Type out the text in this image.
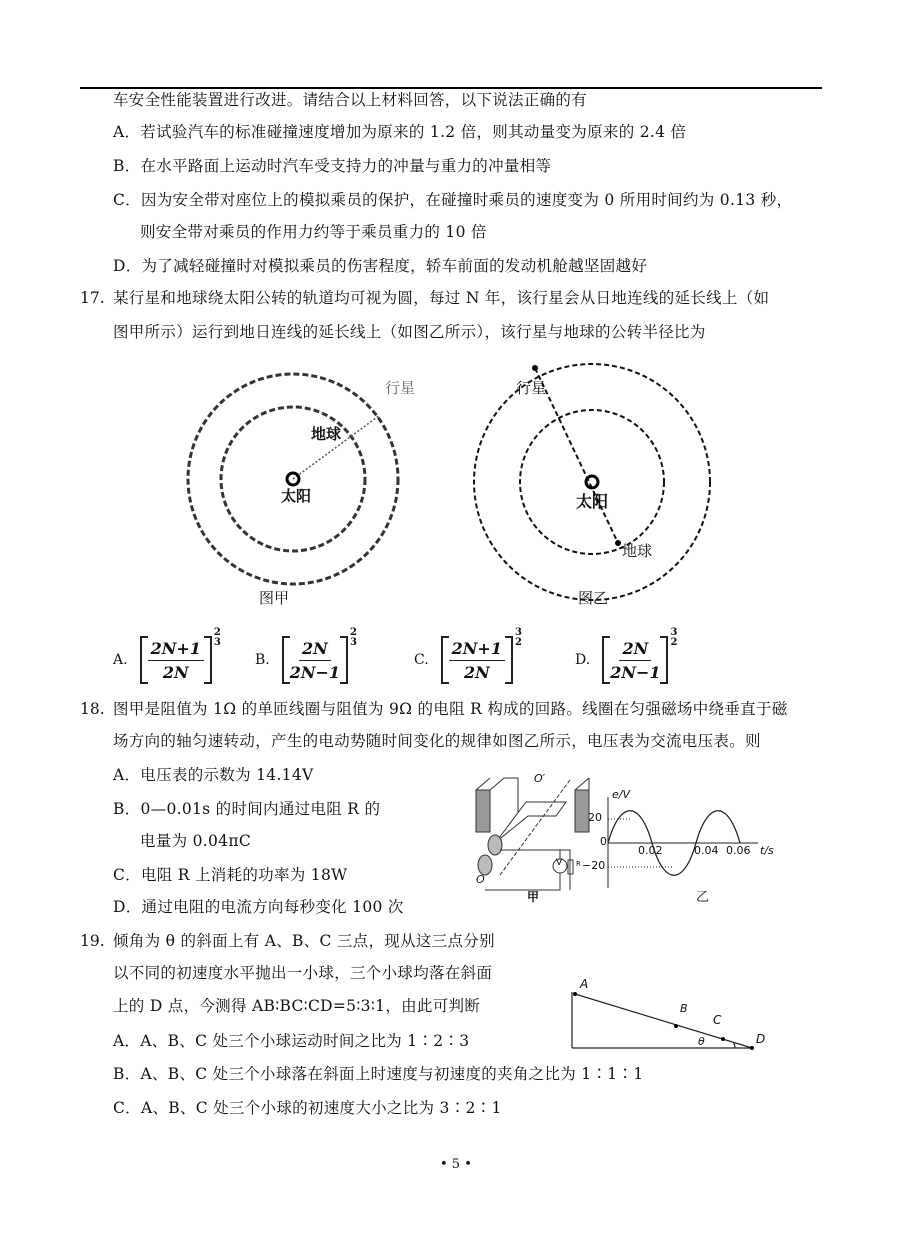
车安全性能装置进行改进。请结合以上材料回答，以下说法正确的有
A．若试验汽车的标准碰撞速度增加为原来的 1.2 倍，则其动量变为原来的 2.4 倍
B．在水平路面上运动时汽车受支持力的冲量与重力的冲量相等
C．因为安全带对座位上的模拟乘员的保护，在碰撞时乘员的速度变为 0 所用时间约为 0.13 秒，
则安全带对乘员的作用力约等于乘员重力的 10 倍
D．为了减轻碰撞时对模拟乘员的伤害程度，轿车前面的发动机舱越坚固越好
17. 某行星和地球绕太阳公转的轨道均可视为圆，每过 N 年，该行星会从日地连线的延长线上（如
图甲所示）运行到地日连线的延长线上（如图乙所示），该行星与地球的公转半径比为
地球
行星
太阳
图甲
行星
太阳
地球
图乙
A. $\frac{2N+1}{2N}$
2
3
B. $\frac{2N}{2N-1}$
2
3
C. $\frac{2N+1}{2N}$
3
2
D. $\frac{2N}{2N-1}$
3
2
18. 图甲是阻值为 1Ω 的单匝线圈与阻值为 9Ω 的电阻 R 构成的回路。线圈在匀强磁场中绕垂直于磁
场方向的轴匀速转动，产生的电动势随时间变化的规律如图乙所示，电压表为交流电压表。则
A．电压表的示数为 14.14V
B．0—0.01s 的时间内通过电阻 R 的
电量为 0.04πC
C．电阻 R 上消耗的功率为 18W
D．通过电阻的电流方向每秒变化 100 次
O′
O
V R
甲	乙
e/V
t/s
20
−20
0
0.02	0.04 0.06
19. 倾角为 θ 的斜面上有 A、B、C 三点，现从这三点分别
以不同的初速度水平抛出一小球，三个小球均落在斜面
上的 D 点，今测得 AB∶BC∶CD=5∶3∶1，由此可判断
A．A、B、C 处三个小球运动时间之比为 1∶2∶3
B．A、B、C 处三个小球落在斜面上时速度与初速度的夹角之比为 1∶1∶1
C．A、B、C 处三个小球的初速度大小之比为 3∶2∶1
A
B
C
D
θ
• 5 •
